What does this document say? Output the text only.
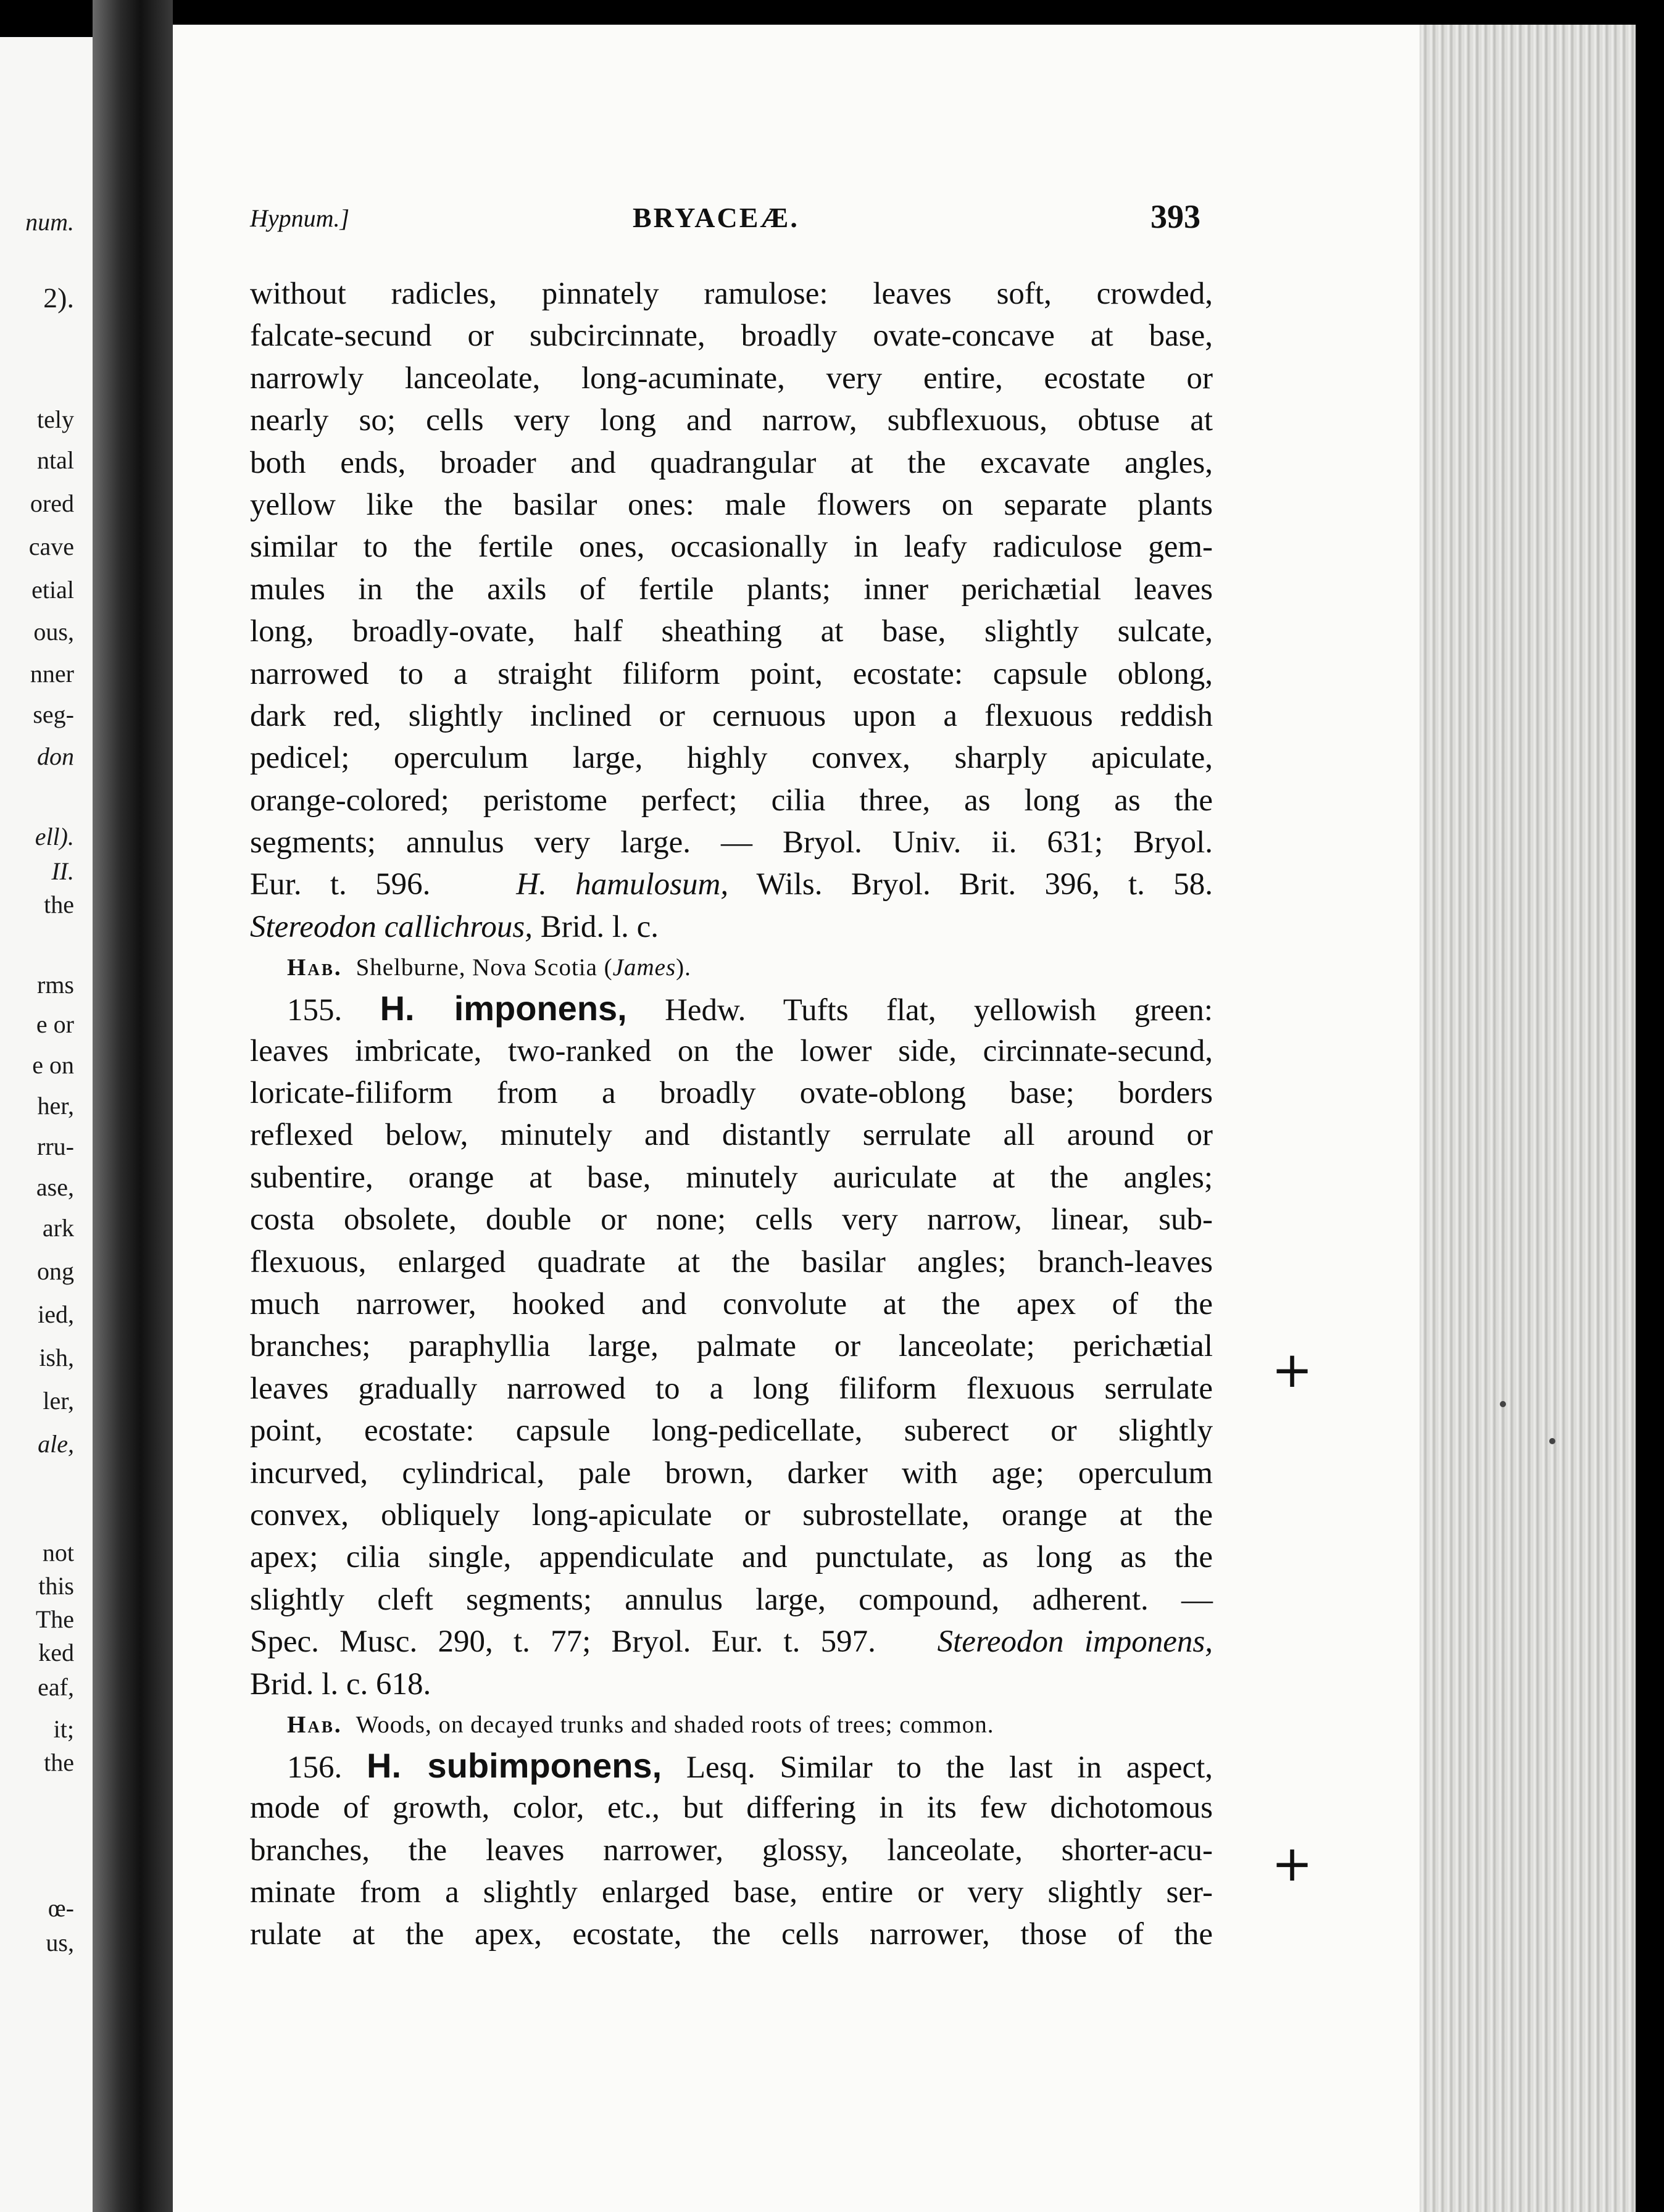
num.
2).
tely
ntal
ored
cave
etial
ous,
nner
seg-
don
ell).
II.
the
rms
e or
e on
her,
rru-
ase,
ark
ong
ied,
ish,
ler,
ale,
not
this
The
ked
eaf,
it;
the
œ-
us,
Hypnum.]	BRYACEÆ.	393
without radicles, pinnately ramulose: leaves soft, crowded,
falcate-secund or subcircinnate, broadly ovate-concave at base,
narrowly lanceolate, long-acuminate, very entire, ecostate or
nearly so; cells very long and narrow, subflexuous, obtuse at
both ends, broader and quadrangular at the excavate angles,
yellow like the basilar ones: male flowers on separate plants
similar to the fertile ones, occasionally in leafy radiculose gem-
mules in the axils of fertile plants; inner perichætial leaves
long, broadly-ovate, half sheathing at base, slightly sulcate,
narrowed to a straight filiform point, ecostate: capsule oblong,
dark red, slightly inclined or cernuous upon a flexuous reddish
pedicel; operculum large, highly convex, sharply apiculate,
orange-colored; peristome perfect; cilia three, as long as the
segments; annulus very large. — Bryol. Univ. ii. 631; Bryol.
Eur. t. 596.	H. hamulosum, Wils. Bryol. Brit. 396, t. 58.
Stereodon callichrous, Brid. l. c.
Hab. Shelburne, Nova Scotia (James).
155. H. imponens, Hedw. Tufts flat, yellowish green:
leaves imbricate, two-ranked on the lower side, circinnate-secund,
loricate-filiform from a broadly ovate-oblong base; borders
reflexed below, minutely and distantly serrulate all around or
subentire, orange at base, minutely auriculate at the angles;
costa obsolete, double or none; cells very narrow, linear, sub-
flexuous, enlarged quadrate at the basilar angles; branch-leaves
much narrower, hooked and convolute at the apex of the
branches; paraphyllia large, palmate or lanceolate; perichætial
leaves gradually narrowed to a long filiform flexuous serrulate
point, ecostate: capsule long-pedicellate, suberect or slightly
incurved, cylindrical, pale brown, darker with age; operculum
convex, obliquely long-apiculate or subrostellate, orange at the
apex; cilia single, appendiculate and punctulate, as long as the
slightly cleft segments; annulus large, compound, adherent. —
Spec. Musc. 290, t. 77; Bryol. Eur. t. 597. Stereodon imponens,
Brid. l. c. 618.
Hab. Woods, on decayed trunks and shaded roots of trees; common.
156. H. subimponens, Lesq. Similar to the last in aspect,
mode of growth, color, etc., but differing in its few dichotomous
branches, the leaves narrower, glossy, lanceolate, shorter-acu-
minate from a slightly enlarged base, entire or very slightly ser-
rulate at the apex, ecostate, the cells narrower, those of the
+
+
